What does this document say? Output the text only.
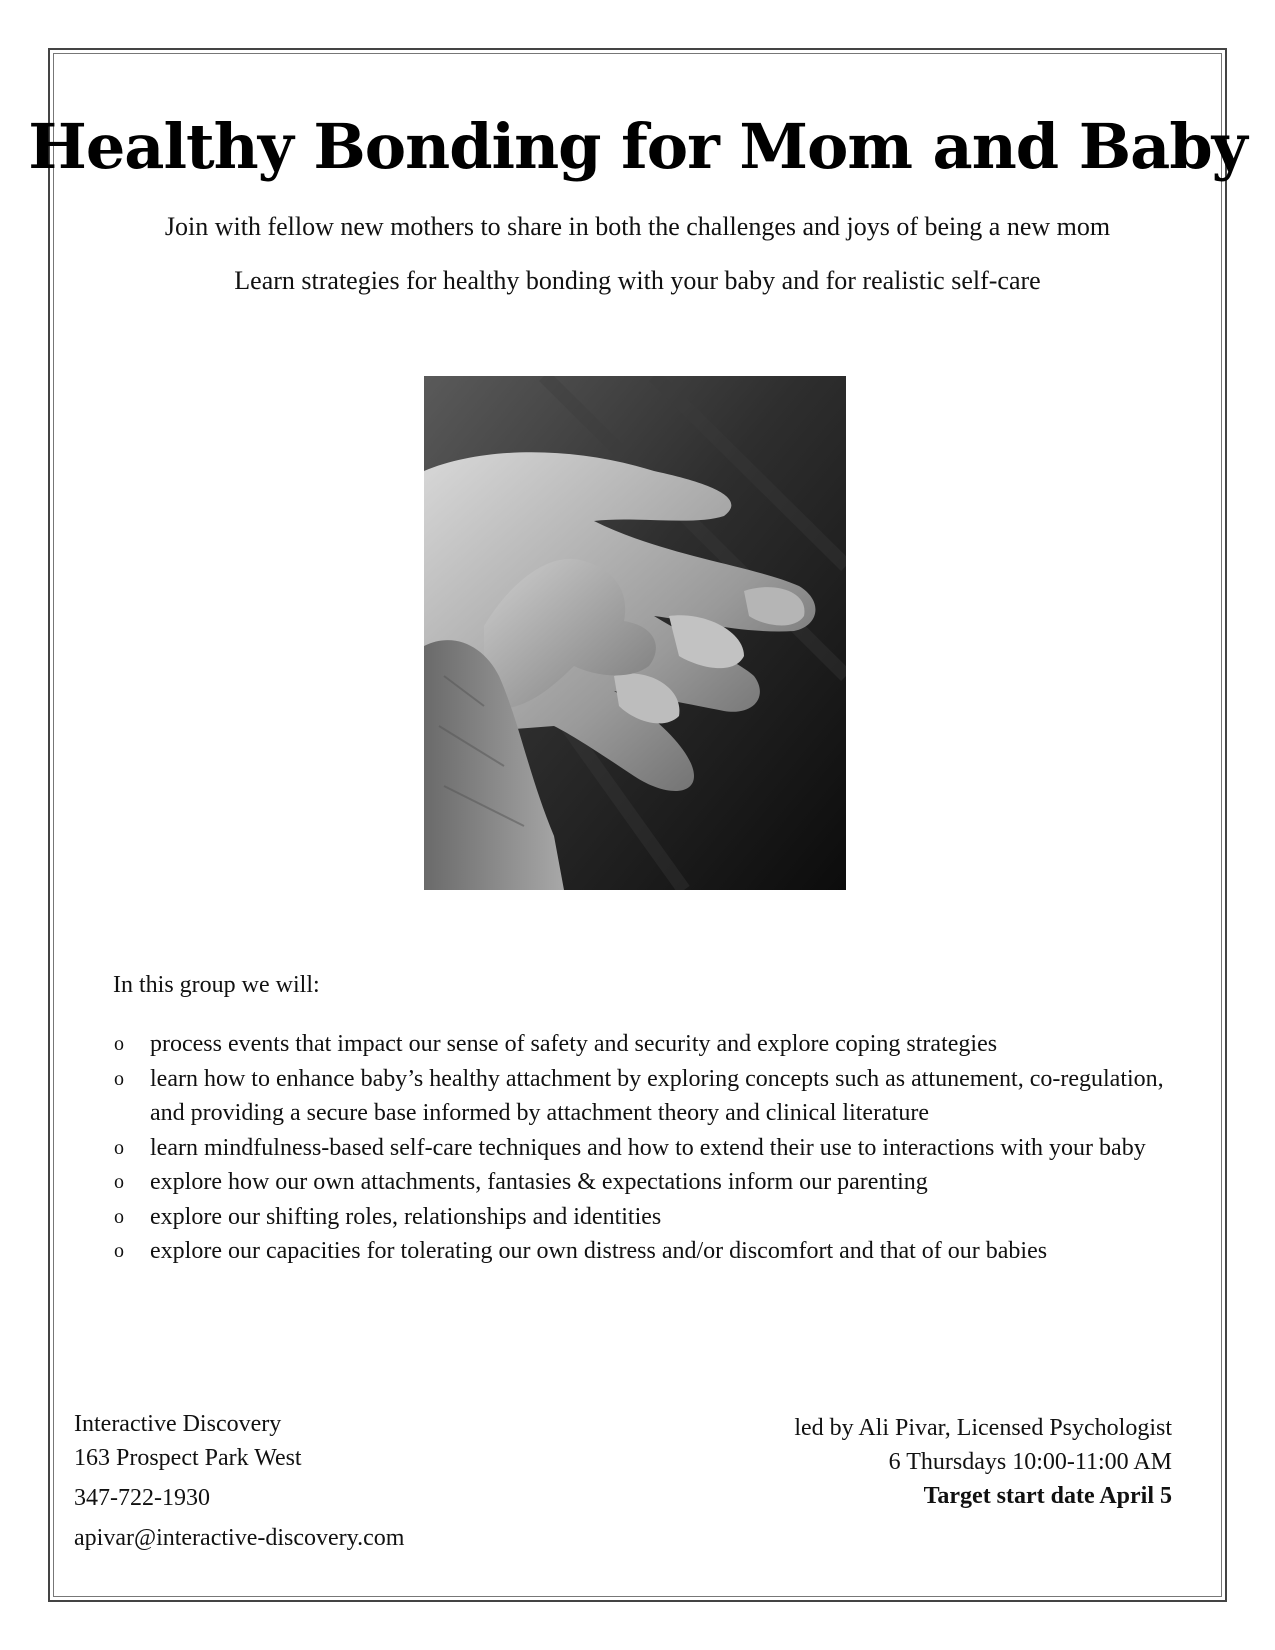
Healthy Bonding for Mom and Baby

Join with fellow new mothers to share in both the challenges and joys of being a new mom

Learn strategies for healthy bonding with your baby and for realistic self-care

In this group we will:

o process events that impact our sense of safety and security and explore coping strategies
o learn how to enhance baby’s healthy attachment by exploring concepts such as attunement, co-regulation, and providing a secure base informed by attachment theory and clinical literature
o learn mindfulness-based self-care techniques and how to extend their use to interactions with your baby
o explore how our own attachments, fantasies & expectations inform our parenting
o explore our shifting roles, relationships and identities
o explore our capacities for tolerating our own distress and/or discomfort and that of our babies
Interactive Discovery
163 Prospect Park West
347-722-1930
apivar@interactive-discovery.com
led by Ali Pivar, Licensed Psychologist
6 Thursdays 10:00-11:00 AM
Target start date April 5
